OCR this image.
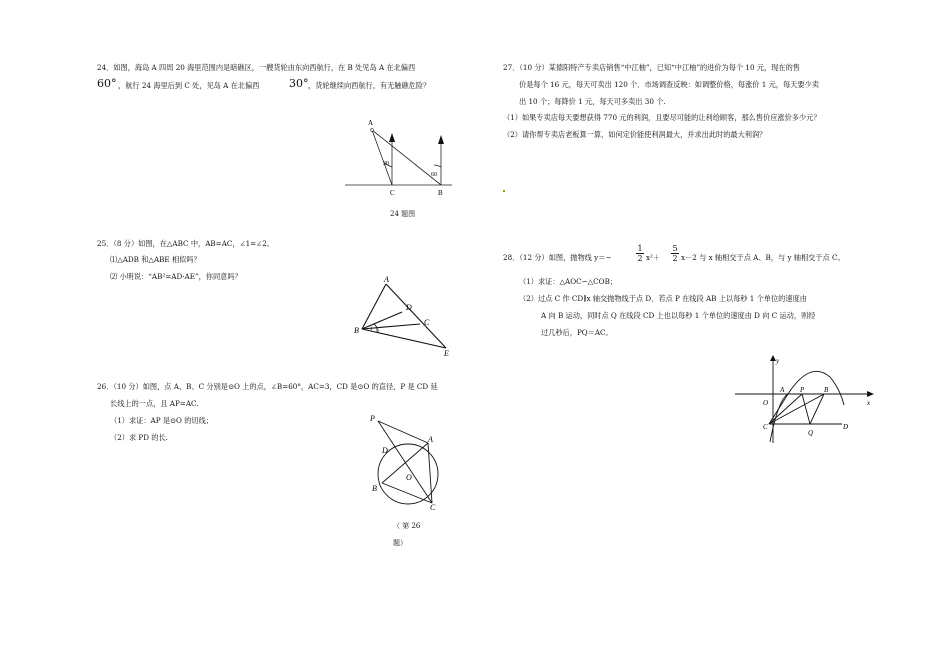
24．如图，海岛 A 四周 20 海里范围内是暗礁区，一艘货轮由东向西航行，在 B 处见岛 A 在北偏西
60° ，航行 24 海里后到 C 处，见岛 A 在北偏西	30° ，货轮继续向西航行，有无触礁危险？
A
C	B
30
60
24 题图
25．（8 分）如图，在△ABC 中，AB=AC，∠1=∠2。
⑴△ADB 和△ABE 相似吗？
⑵ 小明说：“AB²=AD·AE”，你同意吗？	A
B
C
D
E
1
2
26．（10 分）如图，点 A、B、C 分别是⊙O 上的点，∠B=60°，AC=3，CD 是⊙O 的直径，P 是 CD 延
长线上的一点，且 AP=AC.
（1）求证：AP 是⊙O 的切线；
（2）求 PD 的长.
P
A
D
O
B
C
（ 第 26
题）
27．（10 分）某德阳特产专卖店销售“中江柚”，已知“中江柚”的进价为每个 10 元，现在的售
价是每个 16 元，每天可卖出 120 个．市场调查反映：如调整价格，每涨价 1 元，每天要少卖
出 10 个；每降价 1 元，每天可多卖出 30 个.
（1）如果专卖店每天要想获得 770 元的利润，且要尽可能的让利给顾客，那么售价应涨价多少元？
（2）请你帮专卖店老板算一算，如何定价能使利润最大，并求出此时的最大利润？
28．（12 分）如图，抛物线 y＝−	$\frac{1}{2} x^2+ \frac{5}{2} x-2$ 与 x 轴相交于点 A、B，与 y 轴相交于点 C。
（1）求证：△AOC∽△COB；
（2）过点 C 作 CD∥x 轴交抛物线于点 D．若点 P 在线段 AB 上以每秒 1 个单位的速度由
A 向 B 运动，同时点 Q 在线段 CD 上也以每秒 1 个单位的速度由 D 向 C 运动，则经
过几秒后，PQ＝AC。
y
x
O
A P	B
C
Q
D
